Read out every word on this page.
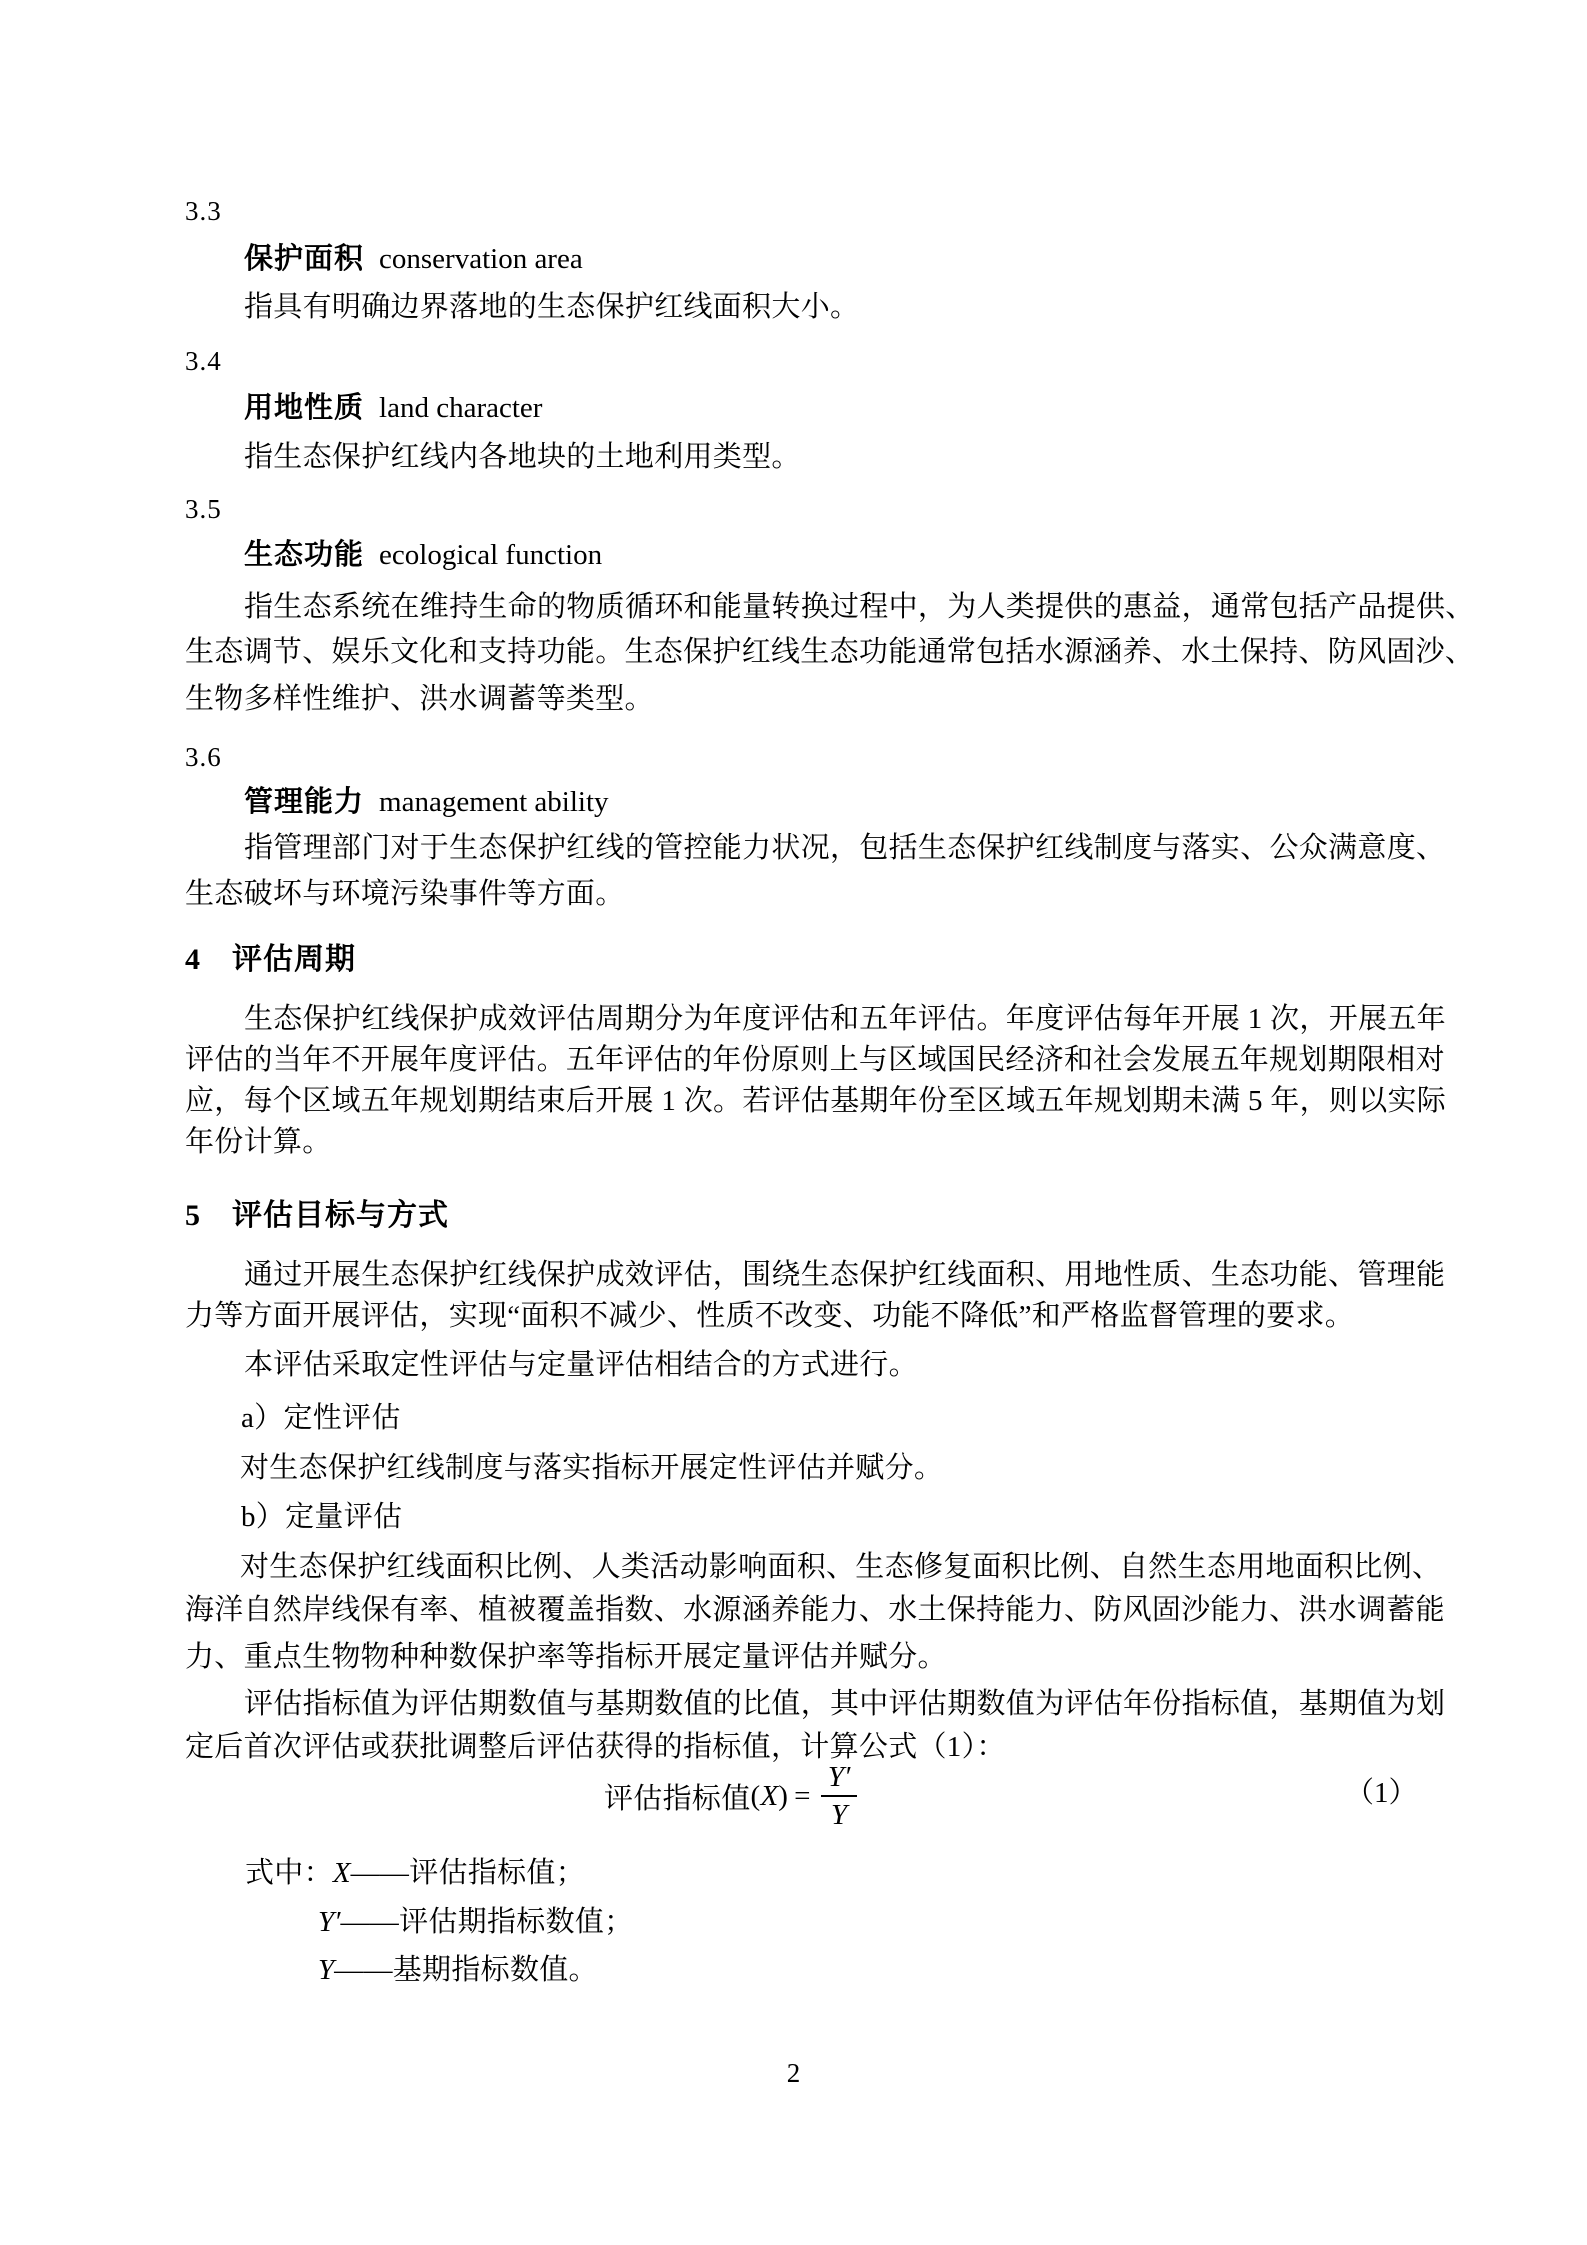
3.3
保护面积 conservation area
指具有明确边界落地的生态保护红线面积大小。
3.4
用地性质 land character
指生态保护红线内各地块的土地利用类型。
3.5
生态功能 ecological function
指生态系统在维持生命的物质循环和能量转换过程中，为人类提供的惠益，通常包括产品提供、
生态调节、娱乐文化和支持功能。生态保护红线生态功能通常包括水源涵养、水土保持、防风固沙、
生物多样性维护、洪水调蓄等类型。
3.6
管理能力 management ability
指管理部门对于生态保护红线的管控能力状况，包括生态保护红线制度与落实、公众满意度、
生态破坏与环境污染事件等方面。
4 评估周期
生态保护红线保护成效评估周期分为年度评估和五年评估。年度评估每年开展 1 次，开展五年
评估的当年不开展年度评估。五年评估的年份原则上与区域国民经济和社会发展五年规划期限相对
应，每个区域五年规划期结束后开展 1 次。若评估基期年份至区域五年规划期未满 5 年，则以实际
年份计算。
5 评估目标与方式
通过开展生态保护红线保护成效评估，围绕生态保护红线面积、用地性质、生态功能、管理能
力等方面开展评估，实现“面积不减少、性质不改变、功能不降低”和严格监督管理的要求。
本评估采取定性评估与定量评估相结合的方式进行。
a）定性评估
对生态保护红线制度与落实指标开展定性评估并赋分。
b）定量评估
对生态保护红线面积比例、人类活动影响面积、生态修复面积比例、自然生态用地面积比例、
海洋自然岸线保有率、植被覆盖指数、水源涵养能力、水土保持能力、防风固沙能力、洪水调蓄能
力、重点生物物种种数保护率等指标开展定量评估并赋分。
评估指标值为评估期数值与基期数值的比值，其中评估期数值为评估年份指标值，基期值为划
定后首次评估或获批调整后评估获得的指标值，计算公式（1）：
评估指标值 ( X ) = $\frac{Y'}{Y}$	（1）
式中：X——评估指标值；
Y′——评估期指标数值；
Y——基期指标数值。
2
